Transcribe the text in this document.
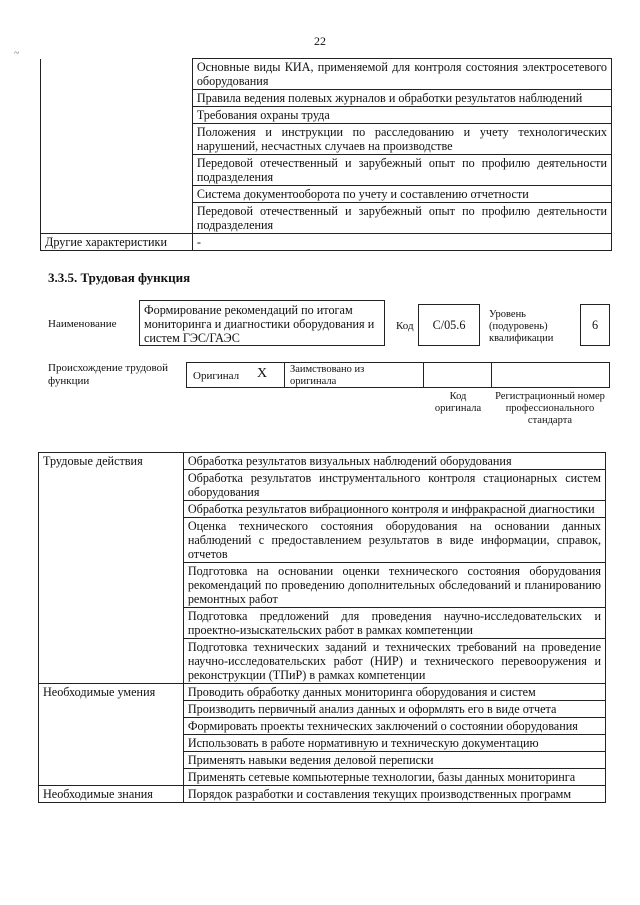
22
~
	Основные виды КИА, применяемой для контроля состояния электросетевого оборудования
	Правила ведения полевых журналов и обработки результатов наблюдений
	Требования охраны труда
	Положения и инструкции по расследованию и учету технологических нарушений, несчастных случаев на производстве
	Передовой отечественный и зарубежный опыт по профилю деятельности подразделения
	Система документооборота по учету и составлению отчетности
	Передовой отечественный и зарубежный опыт по профилю деятельности подразделения
Другие характеристики	-
3.3.5. Трудовая функция
Наименование
Формирование рекомендаций по итогам мониторинга и диагностики оборудования и систем ГЭС/ГАЭС
Код	C/05.6
Уровень (подуровень) квалификации
6
Происхождение трудовой функции	Оригинал X Заимствовано из оригинала
Код оригинала
Регистрационный номер профессионального стандарта
Трудовые действия	Обработка результатов визуальных наблюдений оборудования
	Обработка результатов инструментального контроля стационарных систем оборудования
	Обработка результатов вибрационного контроля и инфракрасной диагностики
	Оценка технического состояния оборудования на основании данных наблюдений с предоставлением результатов в виде информации, справок, отчетов
	Подготовка на основании оценки технического состояния оборудования рекомендаций по проведению дополнительных обследований и планированию ремонтных работ
	Подготовка предложений для проведения научно-исследовательских и проектно-изыскательских работ в рамках компетенции
	Подготовка технических заданий и технических требований на проведение научно-исследовательских работ (НИР) и технического перевооружения и реконструкции (ТПиР) в рамках компетенции
Необходимые умения	Проводить обработку данных мониторинга оборудования и систем
	Производить первичный анализ данных и оформлять его в виде отчета
	Формировать проекты технических заключений о состоянии оборудования
	Использовать в работе нормативную и техническую документацию
	Применять навыки ведения деловой переписки
	Применять сетевые компьютерные технологии, базы данных мониторинга
Необходимые знания	Порядок разработки и составления текущих производственных программ
